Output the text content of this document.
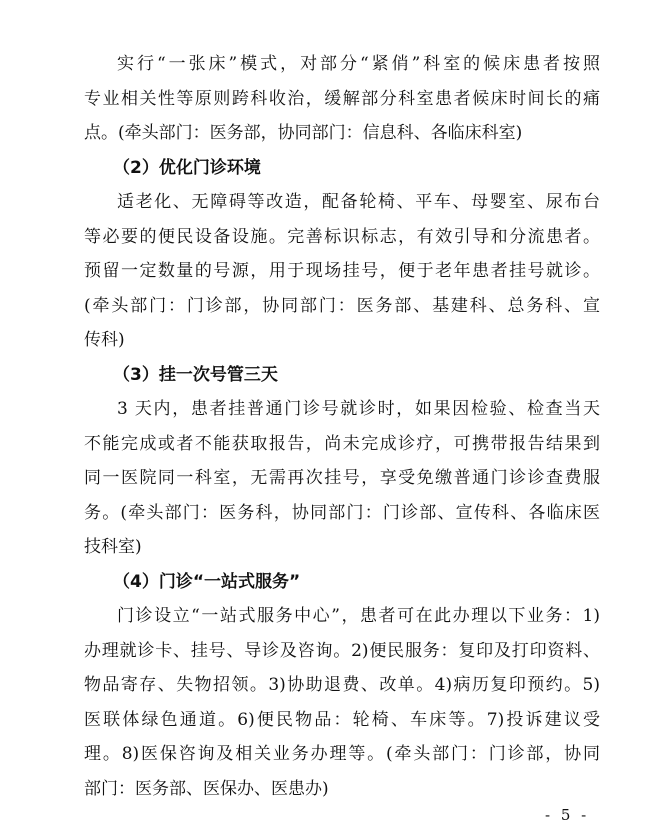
实行“一张床”模式，对部分“紧俏”科室的候床患者按照
专业相关性等原则跨科收治，缓解部分科室患者候床时间长的痛
点。(牵头部门：医务部，协同部门：信息科、各临床科室)
（2）优化门诊环境
适老化、无障碍等改造，配备轮椅、平车、母婴室、尿布台
等必要的便民设备设施。完善标识标志，有效引导和分流患者。
预留一定数量的号源，用于现场挂号，便于老年患者挂号就诊。
(牵头部门：门诊部，协同部门：医务部、基建科、总务科、宣
传科)
（3）挂一次号管三天
3 天内，患者挂普通门诊号就诊时，如果因检验、检查当天
不能完成或者不能获取报告，尚未完成诊疗，可携带报告结果到
同一医院同一科室，无需再次挂号，享受免缴普通门诊诊查费服
务。(牵头部门：医务科，协同部门：门诊部、宣传科、各临床医
技科室)
（4）门诊“一站式服务”
门诊设立“一站式服务中心”，患者可在此办理以下业务：1)
办理就诊卡、挂号、导诊及咨询。2)便民服务：复印及打印资料、
物品寄存、失物招领。3)协助退费、改单。4)病历复印预约。5)
医联体绿色通道。6)便民物品：轮椅、车床等。7)投诉建议受
理。8)医保咨询及相关业务办理等。(牵头部门：门诊部，协同
- 5 -
部门：医务部、医保办、医患办)
